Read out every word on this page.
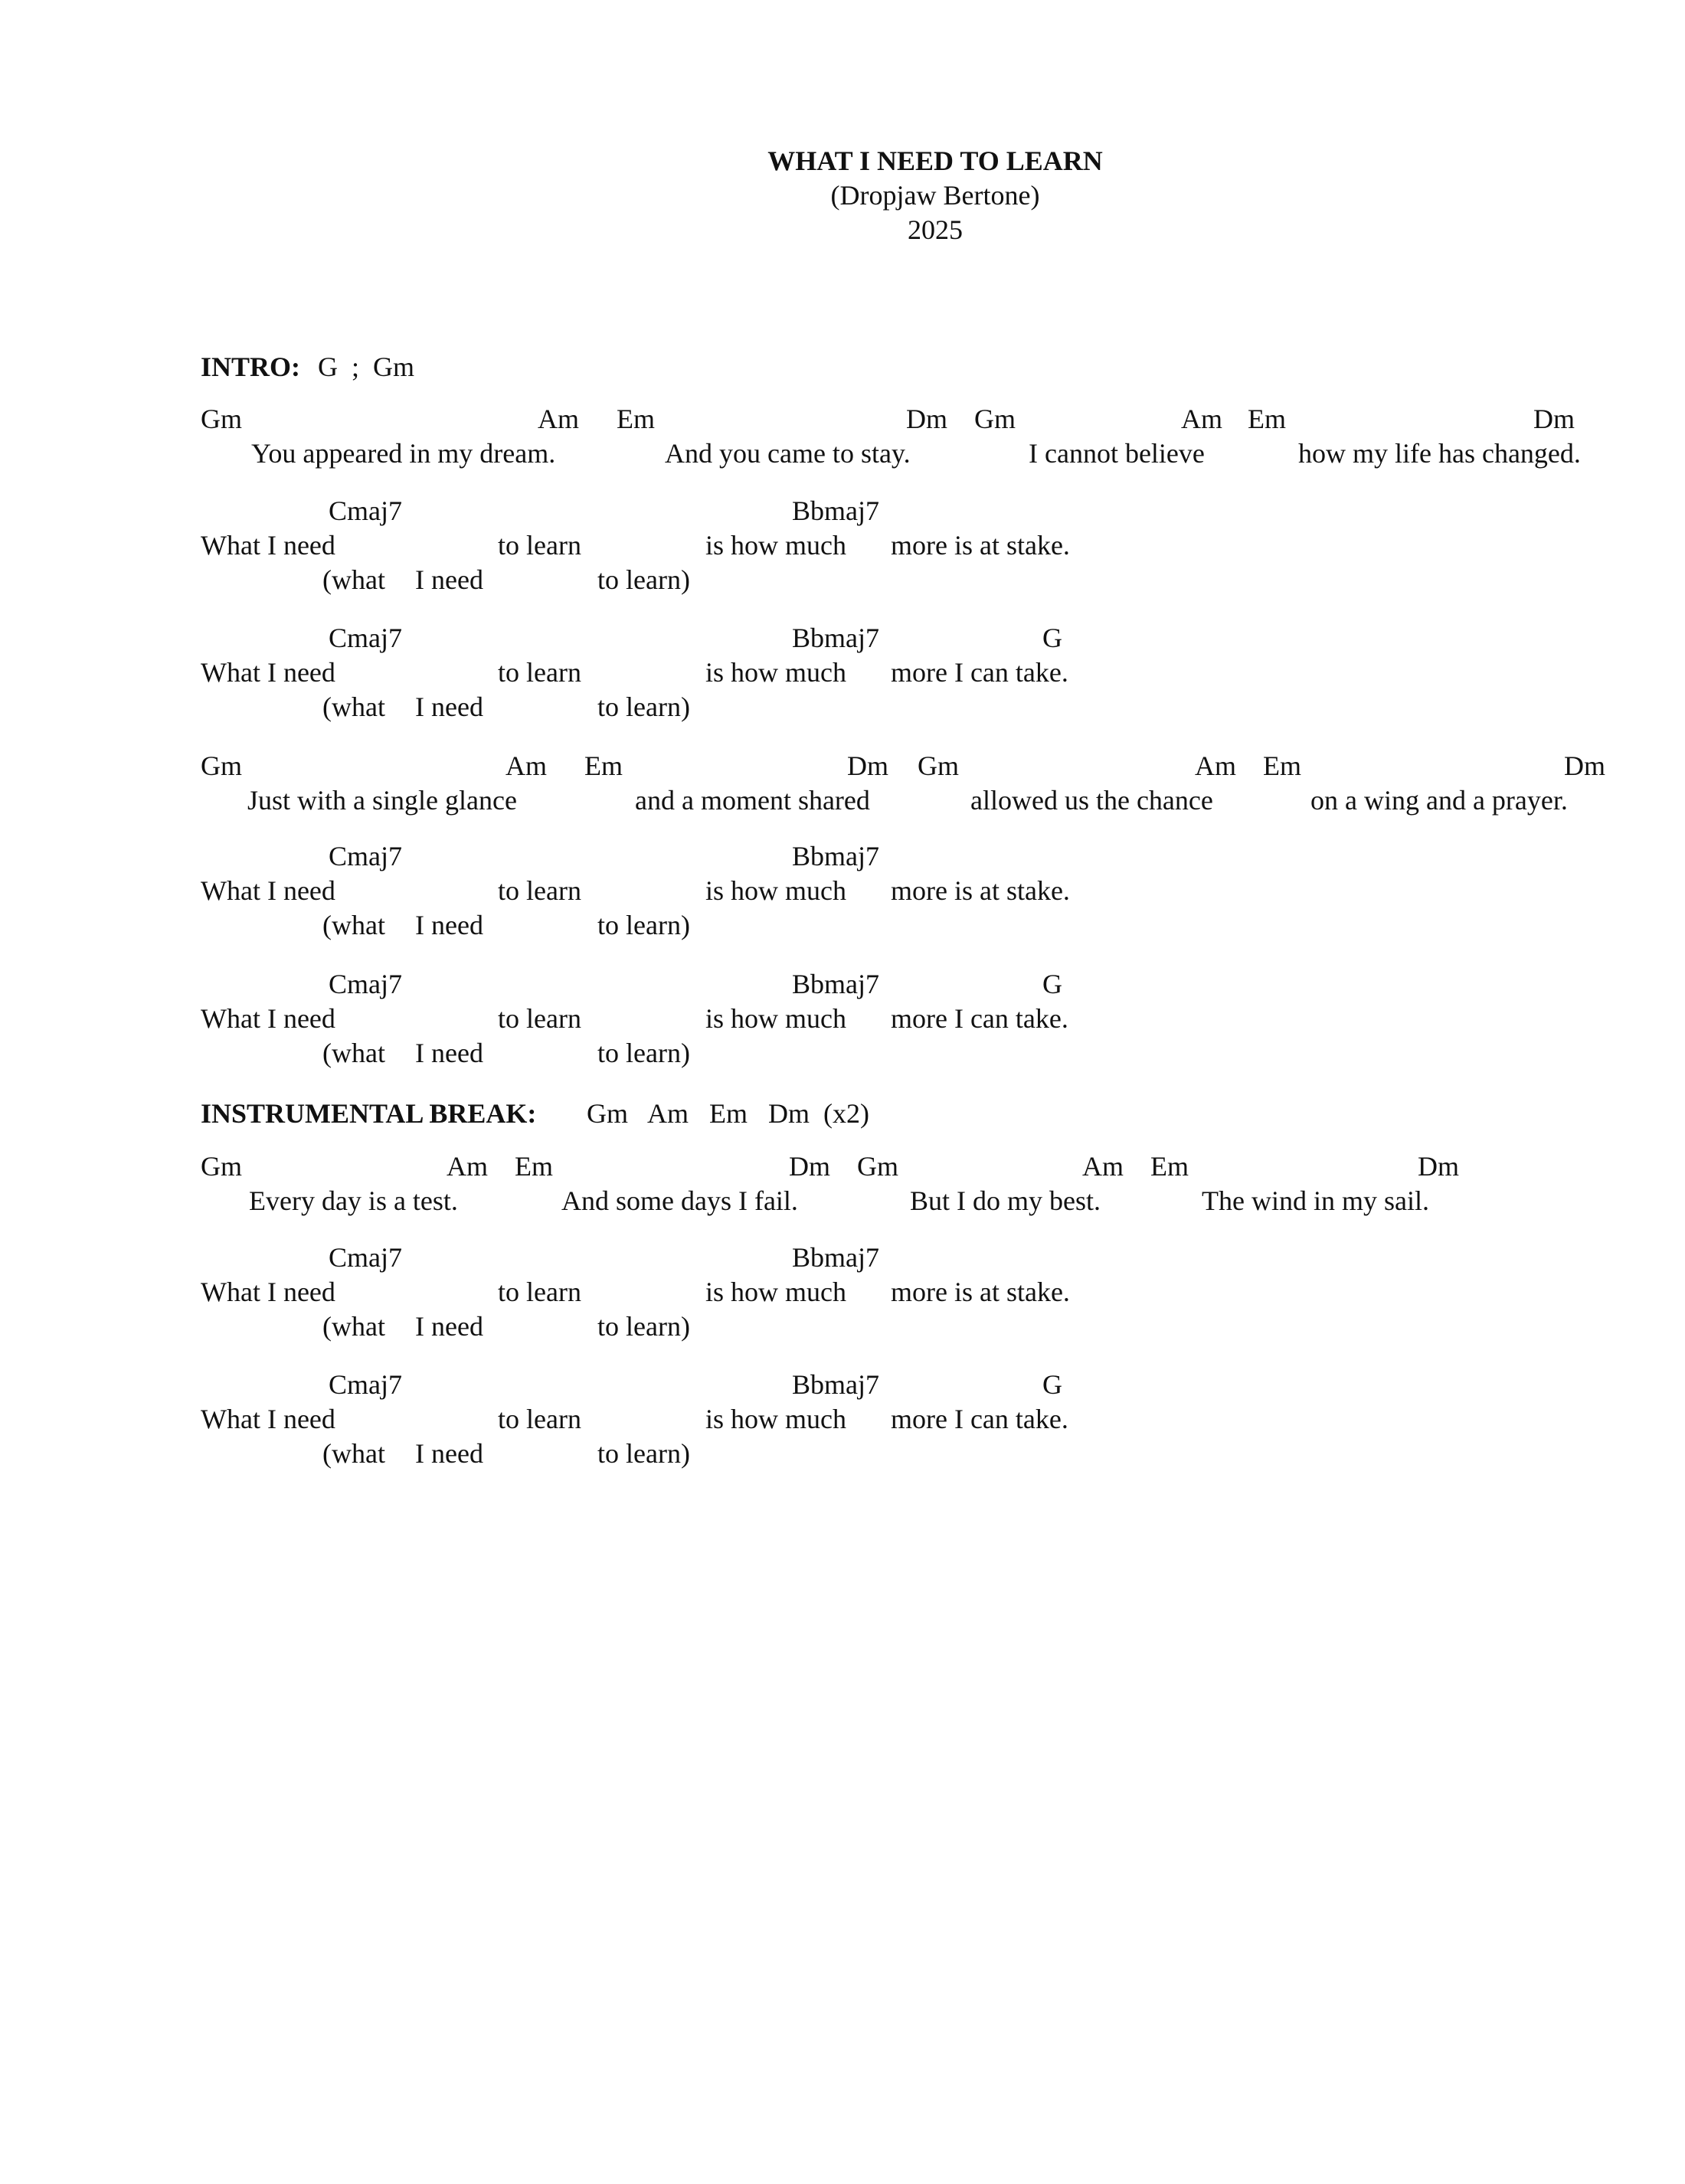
WHAT I NEED TO LEARN
(Dropjaw Bertone)
2025
INTRO: G  ;  Gm
Gm	Am Em	Dm Gm	Am Em	Dm
You appeared in my dream.	And you came to stay.	I cannot believe	how my life has changed.
Cmaj7	Bbmaj7
What I need	to learn	is how much more is at stake.
(what I need	to learn)
Cmaj7	Bbmaj7	G
What I need	to learn	is how much more I can take.
(what I need	to learn)
Gm	Am Em	Dm Gm	Am Em	Dm
Just with a single glance	and a moment shared	allowed us the chance	on a wing and a prayer.
Cmaj7	Bbmaj7
What I need	to learn	is how much more is at stake.
(what I need	to learn)
Cmaj7	Bbmaj7	G
What I need	to learn	is how much more I can take.
(what I need	to learn)
INSTRUMENTAL BREAK: Gm   Am   Em   Dm  (x2)
Gm	Am Em	Dm Gm	Am Em	Dm
Every day is a test.	And some days I fail.	But I do my best.	The wind in my sail.
Cmaj7	Bbmaj7
What I need	to learn	is how much more is at stake.
(what I need	to learn)
Cmaj7	Bbmaj7	G
What I need	to learn	is how much more I can take.
(what I need	to learn)
